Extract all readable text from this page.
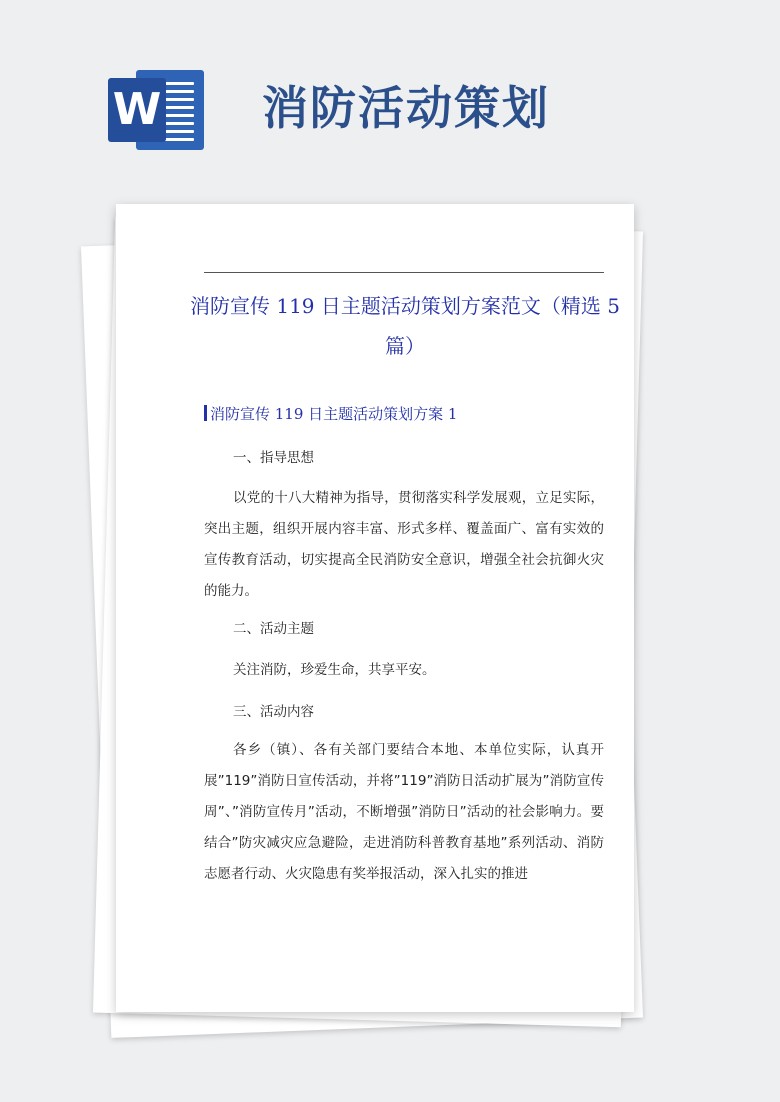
W 消防活动策划
消防宣传 119 日主题活动策划方案范文（精选 5 篇）
消防宣传 119 日主题活动策划方案 1

一、指导思想

以党的十八大精神为指导，贯彻落实科学发展观，立足实际，突出主题，组织开展内容丰富、形式多样、覆盖面广、富有实效的宣传教育活动，切实提高全民消防安全意识，增强全社会抗御火灾的能力。

二、活动主题

关注消防，珍爱生命，共享平安。

三、活动内容

各乡（镇）、各有关部门要结合本地、本单位实际，认真开展”119”消防日宣传活动，并将”119”消防日活动扩展为”消防宣传周”、”消防宣传月”活动，不断增强”消防日”活动的社会影响力。要结合”防灾减灾应急避险，走进消防科普教育基地”系列活动、消防志愿者行动、火灾隐患有奖举报活动，深入扎实的推进
